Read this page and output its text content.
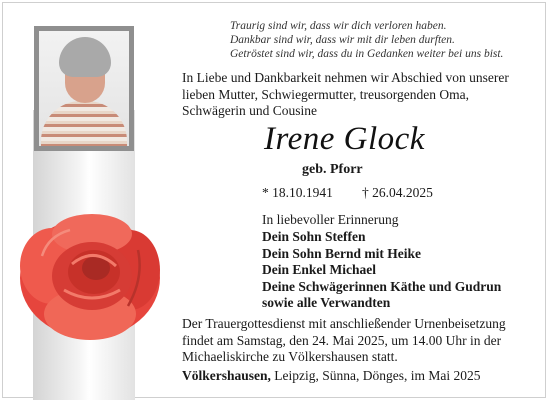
Traurig sind wir, dass wir dich verloren haben.
Dankbar sind wir, dass wir mit dir leben durften.
Getröstet sind wir, dass du in Gedanken weiter bei uns bist.
In Liebe und Dankbarkeit nehmen wir Abschied von unserer
lieben Mutter, Schwiegermutter, treusorgenden Oma,
Schwägerin und Cousine
Irene Glock
geb. Pforr
* 18.10.1941 † 26.04.2025
In liebevoller Erinnerung
Dein Sohn Steffen
Dein Sohn Bernd mit Heike
Dein Enkel Michael
Deine Schwägerinnen Käthe und Gudrun
sowie alle Verwandten
Der Trauergottesdienst mit anschließender Urnenbeisetzung
findet am Samstag, den 24. Mai 2025, um 14.00 Uhr in der
Michaeliskirche zu Völkershausen statt.
Völkershausen, Leipzig, Sünna, Dönges, im Mai 2025
